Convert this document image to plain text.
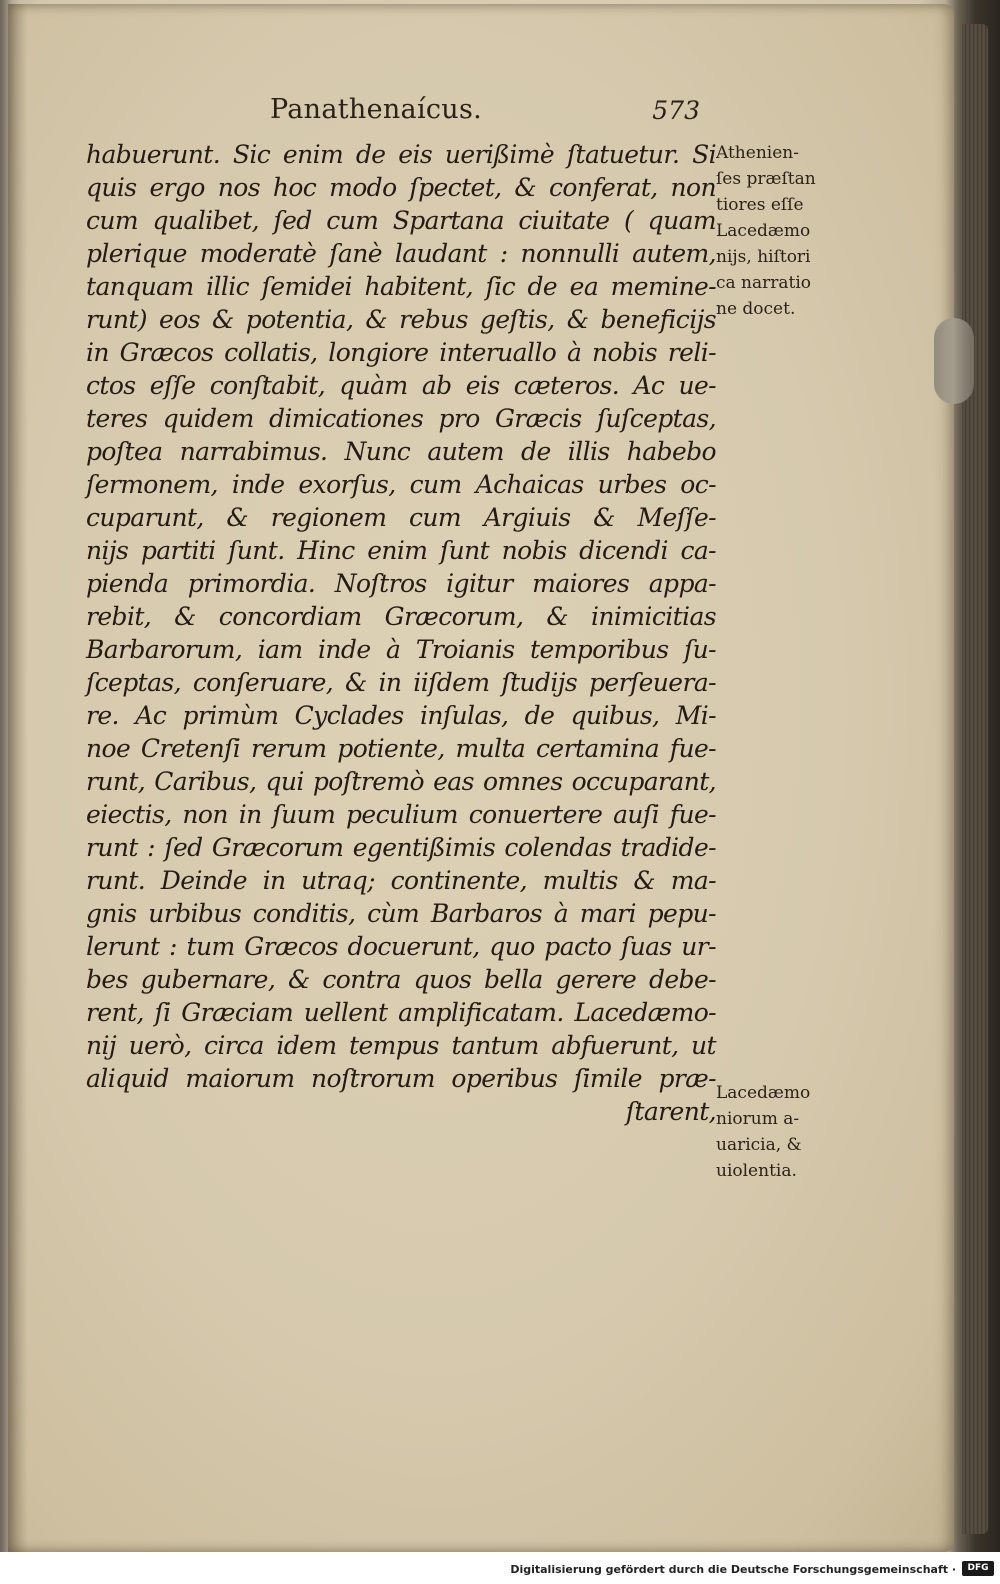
Panathenaícus.	573
habuerunt. Sic enim de eis uerißimè ſtatuetur. Si
quis ergo nos hoc modo ſpectet, & conferat, non
cum qualibet, ſed cum Spartana ciuitate ( quam
plerique moderatè ſanè laudant : nonnulli autem,
tanquam illic ſemidei habitent, ſic de ea memine-
runt) eos & potentia, & rebus geſtis, & beneficijs
in Græcos collatis, longiore interuallo à nobis reli-
ctos eſſe conſtabit, quàm ab eis cæteros. Ac ue-
teres quidem dimicationes pro Græcis ſuſceptas,
poſtea narrabimus. Nunc autem de illis habebo
ſermonem, inde exorſus, cum Achaicas urbes oc-
cuparunt, & regionem cum Argiuis & Meſſe-
nijs partiti ſunt. Hinc enim ſunt nobis dicendi ca-
pienda primordia. Noſtros igitur maiores appa-
rebit, & concordiam Græcorum, & inimicitias
Barbarorum, iam inde à Troianis temporibus ſu-
ſceptas, conſeruare, & in iiſdem ſtudijs perſeuera-
re. Ac primùm Cyclades inſulas, de quibus, Mi-
noe Cretenſi rerum potiente, multa certamina fue-
runt, Caribus, qui poſtremò eas omnes occuparant,
eiectis, non in ſuum peculium conuertere auſi fue-
runt : ſed Græcorum egentißimis colendas tradide-
runt. Deinde in utraq; continente, multis & ma-
gnis urbibus conditis, cùm Barbaros à mari pepu-
lerunt : tum Græcos docuerunt, quo pacto ſuas ur-
bes gubernare, & contra quos bella gerere debe-
rent, ſi Græciam uellent amplificatam. Lacedæmo-
nij uerò, circa idem tempus tantum abfuerunt, ut
aliquid maiorum noſtrorum operibus ſimile præ-
ſtarent,
Athenien-
ſes præſtan
tiores eſſe
Lacedæmo
nijs, hiſtori
ca narratio
ne docet.
Lacedæmo
niorum a-
uaricia, &
uiolentia.
Digitalisierung gefördert durch die Deutsche Forschungsgemeinschaft ·	DFG
